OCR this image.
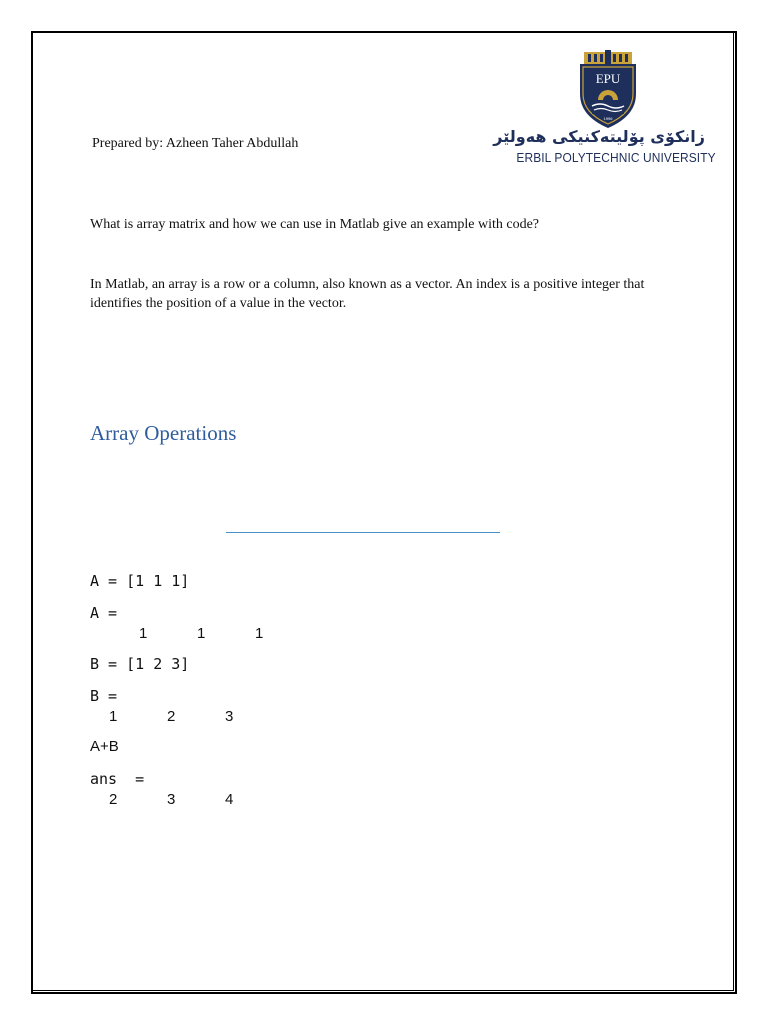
Prepared by: Azheen Taher Abdullah
EPU
1996
زانكۆی پۆلیتەکنیکی هەولێر
ERBIL POLYTECHNIC UNIVERSITY
What is array matrix and how we can use in Matlab give an example with code?
In Matlab, an array is a row or a column, also known as a vector. An index is a positive integer that identifies the position of a value in the vector.
Array Operations
A = [1 1 1]
A =
1	1	1
B = [1 2 3]
B =
1	2	3
A+B
ans  =
2	3	4
